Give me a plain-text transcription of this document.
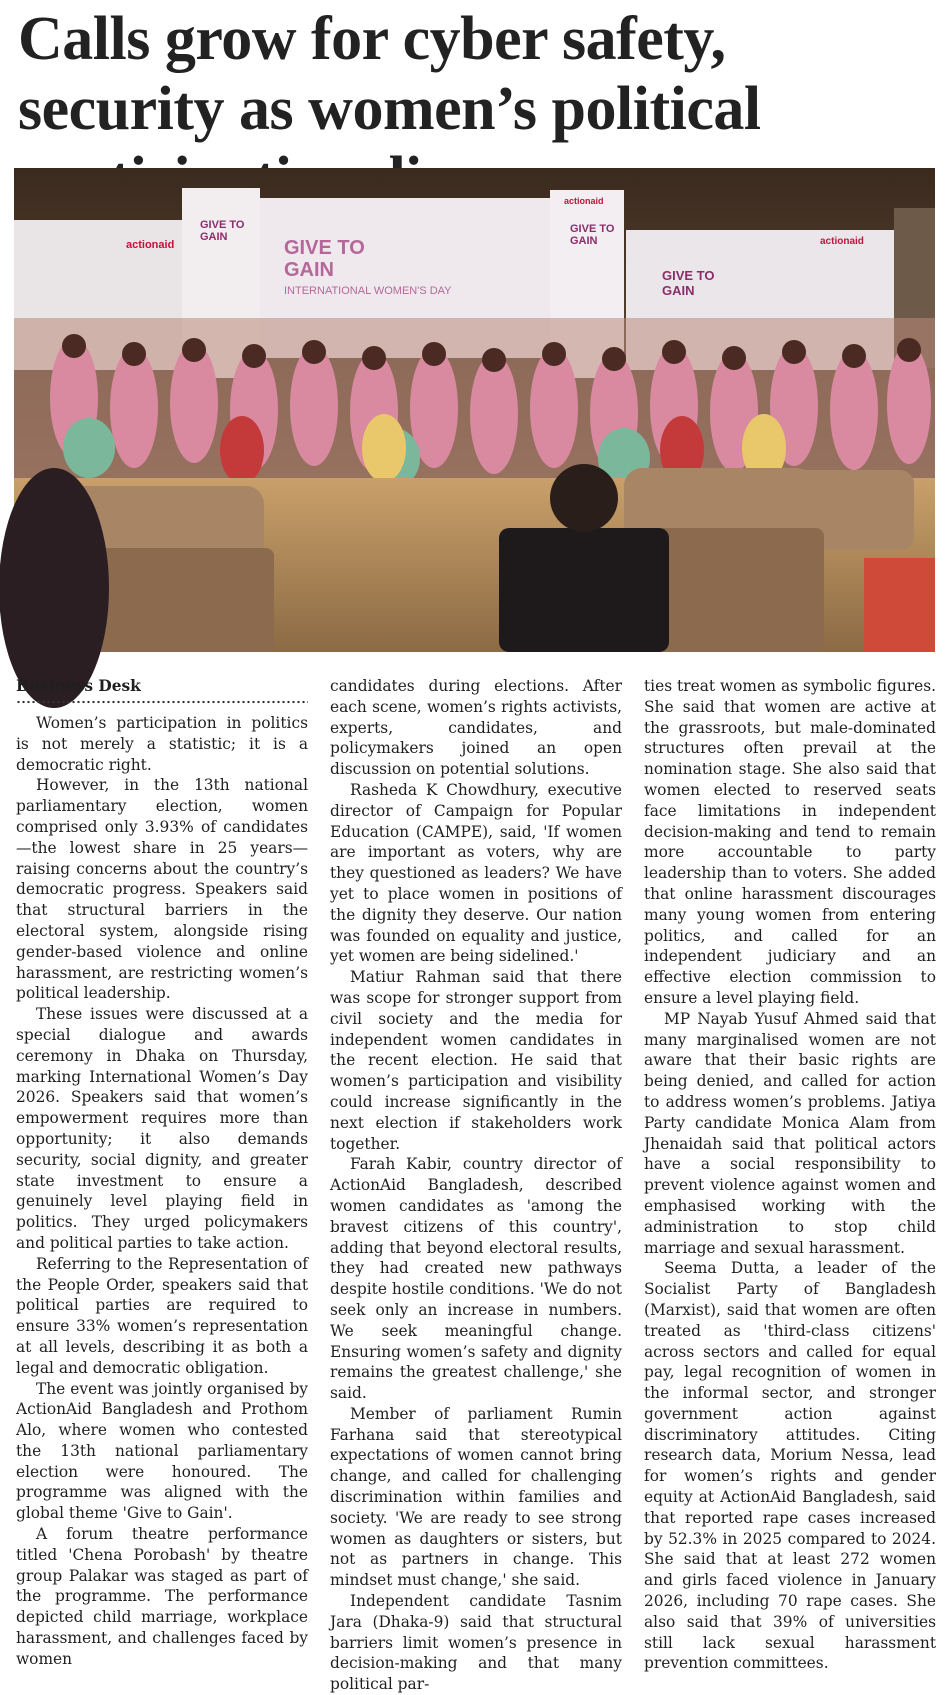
Calls grow for cyber safety, security as women’s political
actionaid
GIVE TO
GAIN	GIVE TO
GAIN
INTERNATIONAL WOMEN'S DAY
actionaid
GIVE TO
GAIN
GIVE TO
GAIN
actionaid
Business Desk

Women’s participation in politics is not merely a statistic; it is a democratic right.

However, in the 13th national parliamentary election, women comprised only 3.93% of candidates—the lowest share in 25 years—raising concerns about the country’s democratic progress. Speakers said that structural barriers in the electoral system, alongside rising gender-based violence and online harassment, are restricting women’s political leadership.

These issues were discussed at a special dialogue and awards ceremony in Dhaka on Thursday, marking International Women’s Day 2026. Speakers said that women’s empowerment requires more than opportunity; it also demands security, social dignity, and greater state investment to ensure a genuinely level playing field in politics. They urged policymakers and political parties to take action.

Referring to the Representation of the People Order, speakers said that political parties are required to ensure 33% women’s representation at all levels, describing it as both a legal and democratic obligation.

The event was jointly organised by ActionAid Bangladesh and Prothom Alo, where women who contested the 13th national parliamentary election were honoured. The programme was aligned with the global theme 'Give to Gain'.

A forum theatre performance titled 'Chena Porobash' by theatre group Palakar was staged as part of the programme. The performance depicted child marriage, workplace harassment, and challenges faced by women

candidates during elections. After each scene, women’s rights activists, experts, candidates, and policymakers joined an open discussion on potential solutions.

Rasheda K Chowdhury, executive director of Campaign for Popular Education (CAMPE), said, 'If women are important as voters, why are they questioned as leaders? We have yet to place women in positions of the dignity they deserve. Our nation was founded on equality and justice, yet women are being sidelined.'

Matiur Rahman said that there was scope for stronger support from civil society and the media for independent women candidates in the recent election. He said that women’s participation and visibility could increase significantly in the next election if stakeholders work together.

Farah Kabir, country director of ActionAid Bangladesh, described women candidates as 'among the bravest citizens of this country', adding that beyond electoral results, they had created new pathways despite hostile conditions. 'We do not seek only an increase in numbers. We seek meaningful change. Ensuring women’s safety and dignity remains the greatest challenge,' she said.

Member of parliament Rumin Farhana said that stereotypical expectations of women cannot bring change, and called for challenging discrimination within families and society. 'We are ready to see strong women as daughters or sisters, but not as partners in change. This mindset must change,' she said.

Independent candidate Tasnim Jara (Dhaka-9) said that structural barriers limit women’s presence in decision-making and that many political par-

ties treat women as symbolic figures. She said that women are active at the grassroots, but male-dominated structures often prevail at the nomination stage. She also said that women elected to reserved seats face limitations in independent decision-making and tend to remain more accountable to party leadership than to voters. She added that online harassment discourages many young women from entering politics, and called for an independent judiciary and an effective election commission to ensure a level playing field.

MP Nayab Yusuf Ahmed said that many marginalised women are not aware that their basic rights are being denied, and called for action to address women’s problems. Jatiya Party candidate Monica Alam from Jhenaidah said that political actors have a social responsibility to prevent violence against women and emphasised working with the administration to stop child marriage and sexual harassment.

Seema Dutta, a leader of the Socialist Party of Bangladesh (Marxist), said that women are often treated as 'third-class citizens' across sectors and called for equal pay, legal recognition of women in the informal sector, and stronger government action against discriminatory attitudes. Citing research data, Morium Nessa, lead for women’s rights and gender equity at ActionAid Bangladesh, said that reported rape cases increased by 52.3% in 2025 compared to 2024. She said that at least 272 women and girls faced violence in January 2026, including 70 rape cases. She also said that 39% of universities still lack sexual harassment prevention committees.
